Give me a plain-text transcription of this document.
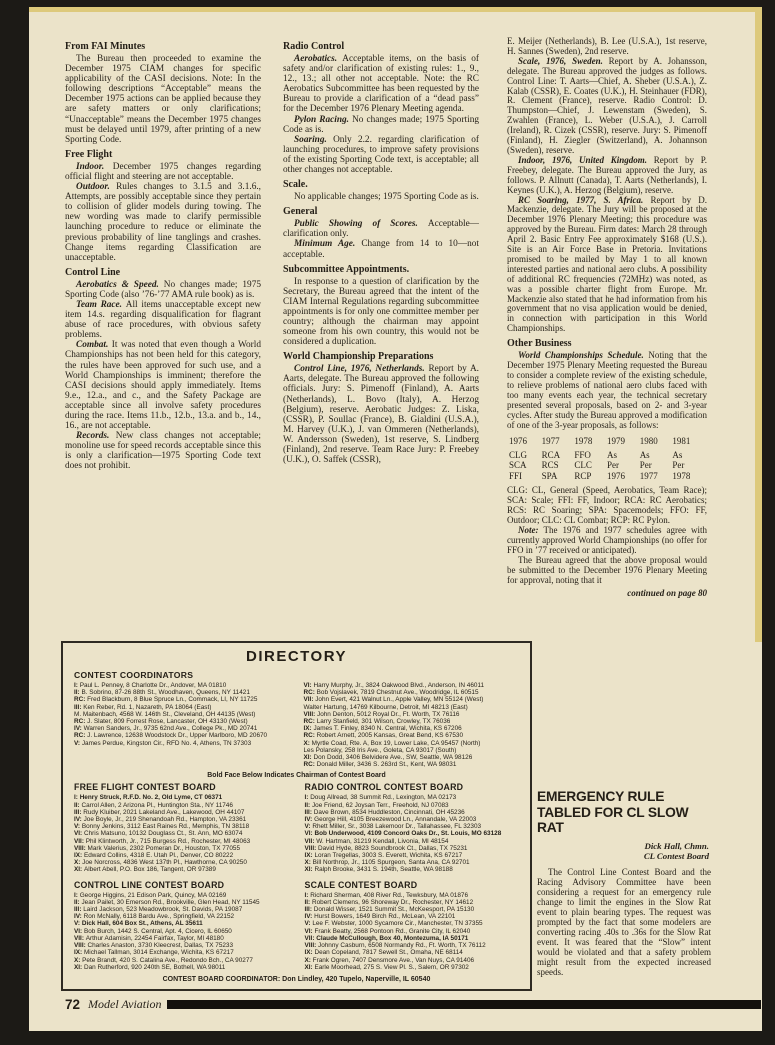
From FAI Minutes

The Bureau then proceeded to examine the December 1975 CIAM changes for specific applicability of the CASI decisions. Note: In the following descriptions “Acceptable” means the December 1975 actions can be applied because they are safety matters or only clarifications; “Unacceptable” means the December 1975 changes must be delayed until 1979, after printing of a new Sporting Code.

Free Flight

Indoor. December 1975 changes regarding official flight and steering are not acceptable.

Outdoor. Rules changes to 3.1.5 and 3.1.6., Attempts, are possibly acceptable since they pertain to collision of glider models during towing. The new wording was made to clarify permissible launching procedure to reduce or eliminate the previous probability of line tanglings and crashes. Change items regarding Classification are unacceptable.

Control Line

Aerobatics & Speed. No changes made; 1975 Sporting Code (also ’76-’77 AMA rule book) as is.

Team Race. All items unacceptable except new item 14.s. regarding disqualification for flagrant abuse of race procedures, with obvious safety problems.

Combat. It was noted that even though a World Championships has not been held for this category, the rules have been approved for such use, and a World Championships is imminent; therefore the CASI decisions should apply immediately. Items 9.e., 12.a., and c., and the Safety Package are acceptable since all involve safety procedures during the race. Items 11.b., 12.b., 13.a. and b., 14., 16., are not acceptable.

Records. New class changes not acceptable; monoline use for speed records acceptable since this is only a clarification—1975 Sporting Code text does not prohibit.

Radio Control

Aerobatics. Acceptable items, on the basis of safety and/or clarification of existing rules: 1., 9., 12., 13.; all other not acceptable. Note: the RC Aerobatics Subcommittee has been requested by the Bureau to provide a clarification of a “dead pass” for the December 1976 Plenary Meeting agenda.

Pylon Racing. No changes made; 1975 Sporting Code as is.

Soaring. Only 2.2. regarding clarification of launching procedures, to improve safety provisions of the existing Sporting Code text, is acceptable; all other changes not acceptable.

Scale.

No applicable changes; 1975 Sporting Code as is.

General

Public Showing of Scores. Acceptable—clarification only.

Minimum Age. Change from 14 to 10—not acceptable.

Subcommittee Appointments.

In response to a question of clarification by the Secretary, the Bureau agreed that the intent of the CIAM Internal Regulations regarding subcommittee appointments is for only one committee member per country; although the chairman may appoint someone from his own country, this would not be considered a duplication.

World Championship Preparations

Control Line, 1976, Netherlands. Report by A. Aarts, delegate. The Bureau approved the following officials. Jury: S. Pimenoff (Finland), A. Aarts (Netherlands), L. Bovo (Italy), A. Herzog (Belgium), reserve. Aerobatic Judges: Z. Liska, (CSSR), P. Soullac (France), B. Gialdini (U.S.A.), M. Harvey (U.K.), J. van Ommeren (Netherlands), W. Andersson (Sweden), 1st reserve, S. Lindberg (Finland), 2nd reserve. Team Race Jury: P. Freebey (U.K.), O. Saffek (CSSR),

E. Meijer (Netherlands), B. Lee (U.S.A.), 1st reserve, H. Sannes (Sweden), 2nd reserve.

Scale, 1976, Sweden. Report by A. Johansson, delegate. The Bureau approved the judges as follows. Control Line: T. Aarts—Chief, A. Sheber (U.S.A.), Z. Kalab (CSSR), E. Coates (U.K.), H. Steinhauer (FDR), R. Clement (France), reserve. Radio Control: D. Thumpston—Chief, J. Lewenstam (Sweden), S. Zwahlen (France), L. Weber (U.S.A.), J. Carroll (Ireland), R. Cizek (CSSR), reserve. Jury: S. Pimenoff (Finland), H. Ziegler (Switzerland), A. Johannson (Sweden), reserve.

Indoor, 1976, United Kingdom. Report by P. Freebey, delegate. The Bureau approved the Jury, as follows. P. Allnutt (Canada), T. Aarts (Netherlands), I. Keynes (U.K.), A. Herzog (Belgium), reserve.

RC Soaring, 1977, S. Africa. Report by D. Mackenzie, delegate. The Jury will be proposed at the December 1976 Plenary Meeting; this procedure was approved by the Bureau. Firm dates: March 28 through April 2. Basic Entry Fee approximately $168 (U.S.). Site is an Air Force Base in Pretoria. Invitations promised to be mailed by May 1 to all known interested parties and national aero clubs. A possibility of additional RC frequencies (72MHz) was noted, as was a possible charter flight from Europe. Mr. Mackenzie also stated that he had information from his government that no visa application would be denied, in connection with participation in this World Championships.

Other Business

World Championships Schedule. Noting that the December 1975 Plenary Meeting requested the Bureau to consider a complete review of the existing schedule, to relieve problems of national aero clubs faced with too many events each year, the technical secretary presented several proposals, based on 2- and 3-year cycles. After study the Bureau approved a modification of one of the 3-year proposals, as follows:

1976	1977	1978	1979	1980	1981
CLG	RCA	FFO	As	As	As
SCA	RCS	CLC	Per	Per	Per
FFI	SPA	RCP	1976	1977	1978

CLG: CL, General (Speed, Aerobatics, Team Race); SCA: Scale; FFI: FF, Indoor; RCA: RC Aerobatics; RCS: RC Soaring; SPA: Spacemodels; FFO: FF, Outdoor; CLC: CL Combat; RCP: RC Pylon.

Note: The 1976 and 1977 schedules agree with currently approved World Championships (no offer for FFO in ’77 received or anticipated).

The Bureau agreed that the above proposal would be submitted to the December 1976 Plenary Meeting for approval, noting that it

continued on page 80

DIRECTORY
CONTEST COORDINATORS
I: Paul L. Penney, 8 Charlotte Dr., Andover, MA 01810
II: B. Sobrino, 87-26 88th St., Woodhaven, Queens, NY 11421
RC: Fred Blackburn, 8 Blue Spruce Ln., Commack, LI, NY 11725
III: Ken Reber, Rd. 1, Nazareth, PA 18064 (East)
M. Maitenbach, 4568 W. 146th St., Cleveland, OH 44135 (West)
RC: J. Slater, 809 Forrest Rose, Lancaster, OH 43130 (West)
IV: Warren Sanders, Jr., 9735 62nd Ave., College Pk., MD 20741
RC: J. Lawrence, 12638 Woodstock Dr., Upper Marlboro, MD 20670
V: James Perdue, Kingston Cir., RFD No. 4, Athens, TN 37303
VI: Harry Murphy, Jr., 3824 Oakwood Blvd., Anderson, IN 46011
RC: Bob Vojslavek, 7819 Chestnut Ave., Woodridge, IL 60515
VII: John Evert, 421 Walnut Ln., Apple Valley, MN 55124 (West)
Walter Hartung, 14769 Kilbourne, Detroit, MI 48213 (East)
VIII: John Denton, 5012 Royal Dr., Ft. Worth, TX 76116
RC: Larry Stanfield, 301 Wilson, Crowley, TX 76036
IX: James T. Finley, 8340 N. Central, Wichita, KS 67206
RC: Robert Arnett, 2005 Kansas, Great Bend, KS 67530
X: Myrtle Coad, Rte. A, Box 19, Lower Lake, CA 95457 (North)
Les Polansky, 258 Iris Ave., Goleta, CA 93017 (South)
XI: Don Dodd, 3406 Belvidere Ave., SW, Seattle, WA 98126
RC: Donald Miller, 3436 S. 263rd St., Kent, WA 98031
Bold Face Below Indicates Chairman of Contest Board
FREE FLIGHT CONTEST BOARD
I: Henry Struck, R.F.D. No. 2, Old Lyme, CT 06371
II: Carrol Allen, 2 Arizona Pl., Huntington Sta., NY 11746
III: Rudy Kluiber, 2021 Lakeland Ave., Lakewood, OH 44107
IV: Joe Boyle, Jr., 219 Shenandoah Rd., Hampton, VA 23361
V: Bonny Jenkins, 3112 East Raines Rd., Memphis, TN 38118
VI: Chris Matsuno, 10132 Douglass Ct., St. Ann, MO 63074
VII: Phil Klintworth, Jr., 715 Burgess Rd., Rochester, MI 48063
VIII: Mark Valerius, 2302 Pomeran Dr., Houston, TX 77055
IX: Edward Collins, 4318 E. Utah Pl., Denver, CO 80222
X: Joe Norcross, 4836 West 137th Pl., Hawthorne, CA 90250
XI: Albert Abell, P.O. Box 186, Tangent, OR 97389
RADIO CONTROL CONTEST BOARD
I: Doug Allread, 38 Summit Rd., Lexington, MA 02173
II: Joe Friend, 62 Joysan Terr., Freehold, NJ 07083
III: Dave Brown, 8534 Huddleston, Cincinnati, OH 45236
IV: George Hill, 4105 Breezewood Ln., Annandale, VA 22003
V: Rhett Miller, Sr., 3038 Lakemoor Dr., Tallahassee, FL 32303
VI: Bob Underwood, 4109 Concord Oaks Dr., St. Louis, MO 63128
VII: W. Hartman, 31219 Kendall, Livonia, MI 48154
VIII: David Hyde, 8823 Soundbrook Ct., Dallas, TX 75231
IX: Loran Tregellas, 3003 S. Everett, Wichita, KS 67217
X: Bill Northrop, Jr., 1105 Spurgeon, Santa Ana, CA 92701
XI: Ralph Brooke, 3431 S. 194th, Seattle, WA 98188
CONTROL LINE CONTEST BOARD
I: George Higgins, 21 Edison Park, Quincy, MA 02169
II: Jean Pailet, 30 Emerson Rd., Brookville, Glen Head, NY 11545
III: Laird Jackson, 523 Meadowbrook, St. Davids, PA 19087
IV: Ron McNally, 6118 Bardu Ave., Springfield, VA 22152
V: Dick Hall, 604 Box St., Athens, AL 35611
VI: Bob Burch, 1442 S. Central, Apt. 4, Cicero, IL 60650
VII: Arthur Adamisin, 22454 Fairfax, Taylor, MI 48180
VIII: Charles Anaston, 3730 Kleecrest, Dallas, TX 75233
IX: Michael Tallman, 3014 Exchange, Wichita, KS 67217
X: Pete Brandt, 420 S. Catalina Ave., Redondo Bch., CA 90277
XI: Dan Rutherford, 920 240th SE, Bothell, WA 98011
SCALE CONTEST BOARD
I: Richard Sherman, 408 River Rd., Tewksbury, MA 01876
II: Robert Clemens, 96 Shoreway Dr., Rochester, NY 14612
III: Donald Wisser, 1521 Summit St., McKeesport, PA 15130
IV: Hurst Bowers, 1649 Birch Rd., McLean, VA 22101
V: Lee F. Webster, 1000 Sycamore Cir., Manchester, TN 37355
VI: Frank Beatty, 2568 Pontoon Rd., Granite City, IL 62040
VII: Claude McCullough, Box 40, Montezuma, IA 50171
VIII: Johnny Casburn, 6508 Normandy Rd., Ft. Worth, TX 76112
IX: Dean Copeland, 7817 Sewell St., Omaha, NE 68114
X: Frank Ogren, 7407 Densmore Ave., Van Nuys, CA 91406
XI: Earle Moorhead, 275 S. View Pl. S., Salem, OR 97302
CONTEST BOARD COORDINATOR: Don Lindley, 420 Tupelo, Naperville, IL 60540
EMERGENCY RULE
TABLED FOR CL SLOW RAT
Dick Hall, Chmn.
CL Contest Board

The Control Line Contest Board and the Racing Advisory Committee have been considering a request for an emergency rule change to limit the engines in the Slow Rat event to plain bearing types. The request was prompted by the fact that some modelers are converting racing .40s to .36s for the Slow Rat event. It was feared that the “Slow” intent would be violated and that a safety problem might result from the expected increased speeds.

72 Model Aviation
